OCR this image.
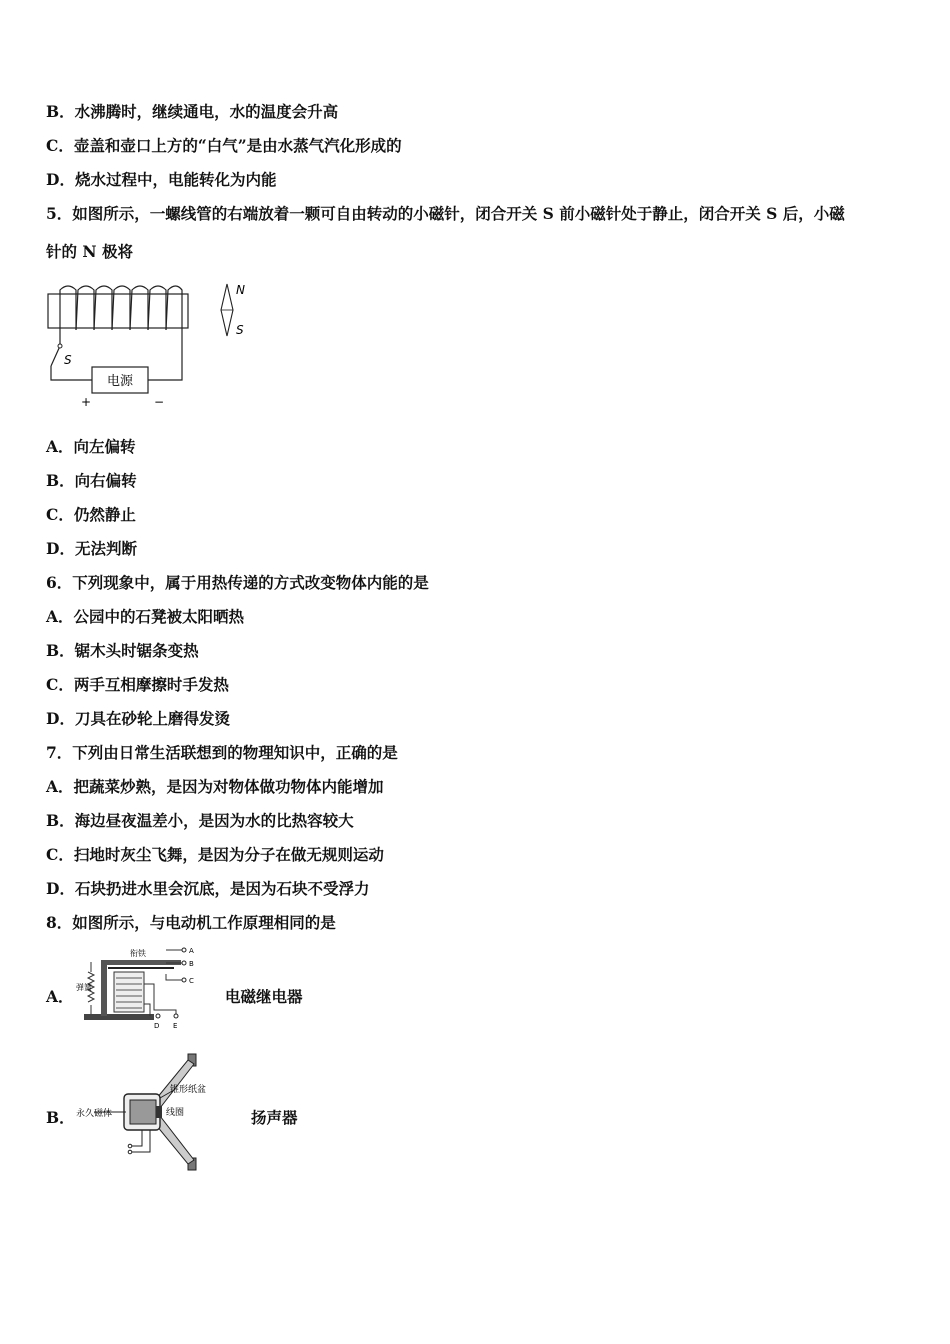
B．水沸腾时，继续通电，水的温度会升高
C．壶盖和壶口上方的“白气”是由水蒸气汽化形成的
D．烧水过程中，电能转化为内能
5．如图所示，一螺线管的右端放着一颗可自由转动的小磁针，闭合开关 S 前小磁针处于静止，闭合开关 S 后，小磁
针的 N 极将
S
电源
+	−
N
S
A．向左偏转
B．向右偏转
C．仍然静止
D．无法判断
6．下列现象中，属于用热传递的方式改变物体内能的是
A．公园中的石凳被太阳晒热
B．锯木头时锯条变热
C．两手互相摩擦时手发热
D．刀具在砂轮上磨得发烫
7．下列由日常生活联想到的物理知识中，正确的是
A．把蔬菜炒熟，是因为对物体做功物体内能增加
B．海边昼夜温差小，是因为水的比热容较大
C．扫地时灰尘飞舞，是因为分子在做无规则运动
D．石块扔进水里会沉底，是因为石块不受浮力
8．如图所示，与电动机工作原理相同的是
A． 弹簧
衔铁	A
B
C
D E
电磁继电器
B． 永久磁体
锥形纸盆
线圈	扬声器
